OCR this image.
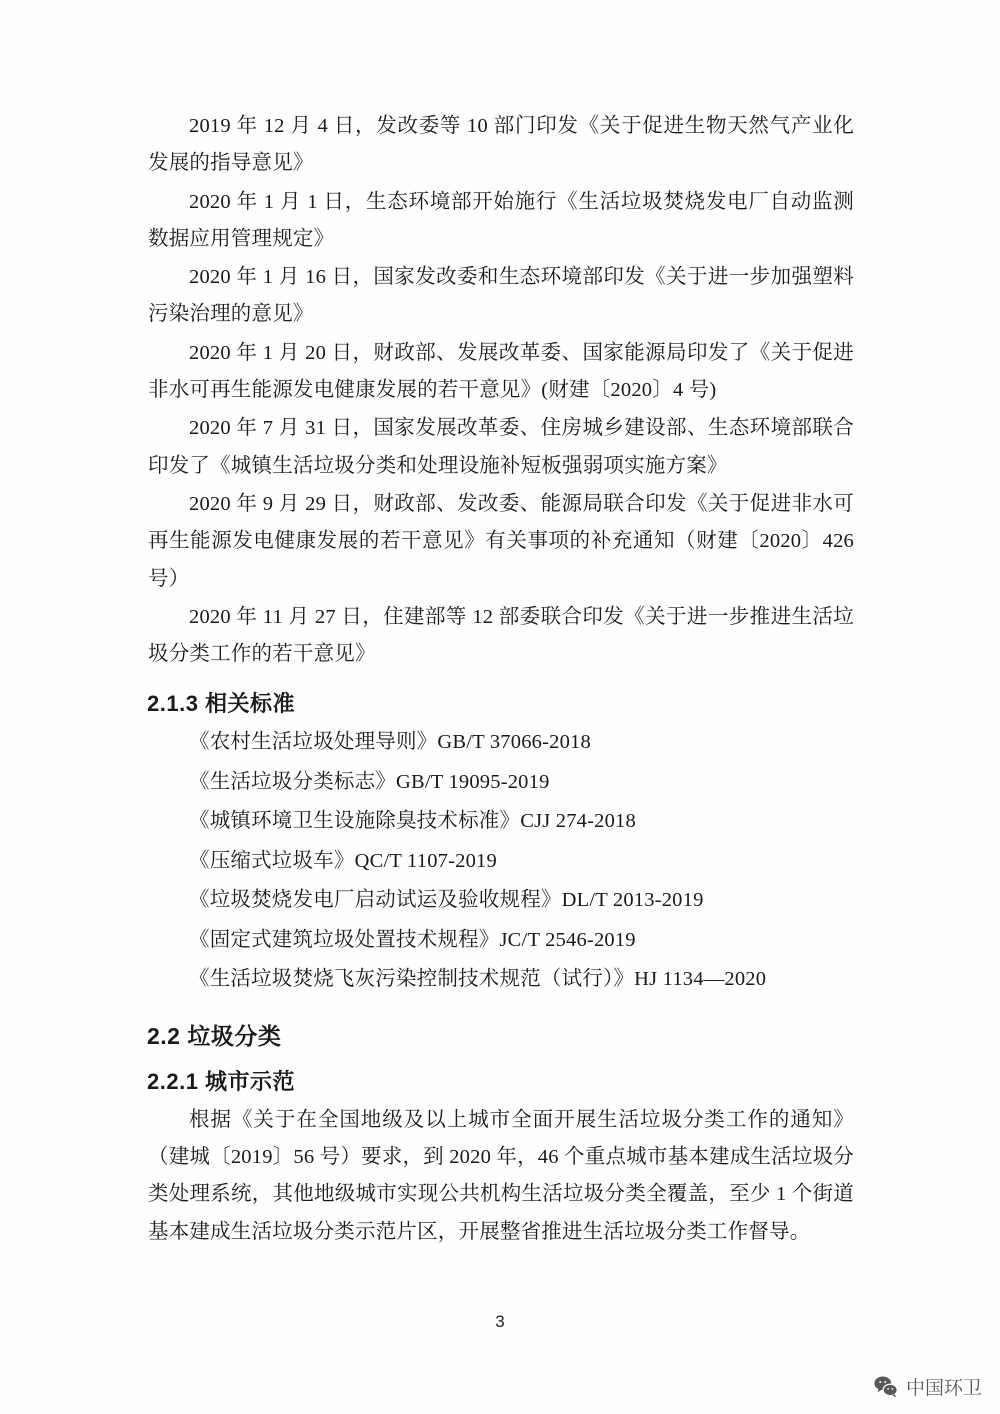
2019 年 12 月 4 日，发改委等 10 部门印发《关于促进生物天然气产业化发展的指导意见》

2020 年 1 月 1 日，生态环境部开始施行《生活垃圾焚烧发电厂自动监测数据应用管理规定》

2020 年 1 月 16 日，国家发改委和生态环境部印发《关于进一步加强塑料污染治理的意见》

2020 年 1 月 20 日，财政部、发展改革委、国家能源局印发了《关于促进非水可再生能源发电健康发展的若干意见》(财建〔2020〕4 号)

2020 年 7 月 31 日，国家发展改革委、住房城乡建设部、生态环境部联合印发了《城镇生活垃圾分类和处理设施补短板强弱项实施方案》

2020 年 9 月 29 日，财政部、发改委、能源局联合印发《关于促进非水可再生能源发电健康发展的若干意见》有关事项的补充通知（财建〔2020〕426 号）

2020 年 11 月 27 日，住建部等 12 部委联合印发《关于进一步推进生活垃圾分类工作的若干意见》

2.1.3 相关标准

《农村生活垃圾处理导则》GB/T 37066-2018

《生活垃圾分类标志》GB/T 19095-2019

《城镇环境卫生设施除臭技术标准》CJJ 274-2018

《压缩式垃圾车》QC/T 1107-2019

《垃圾焚烧发电厂启动试运及验收规程》DL/T 2013-2019

《固定式建筑垃圾处置技术规程》JC/T 2546-2019

《生活垃圾焚烧飞灰污染控制技术规范（试行）》HJ 1134—2020

2.2 垃圾分类
2.2.1 城市示范

根据《关于在全国地级及以上城市全面开展生活垃圾分类工作的通知》（建城〔2019〕56 号）要求，到 2020 年，46 个重点城市基本建成生活垃圾分类处理系统，其他地级城市实现公共机构生活垃圾分类全覆盖，至少 1 个街道基本建成生活垃圾分类示范片区，开展整省推进生活垃圾分类工作督导。

3
中国环卫
